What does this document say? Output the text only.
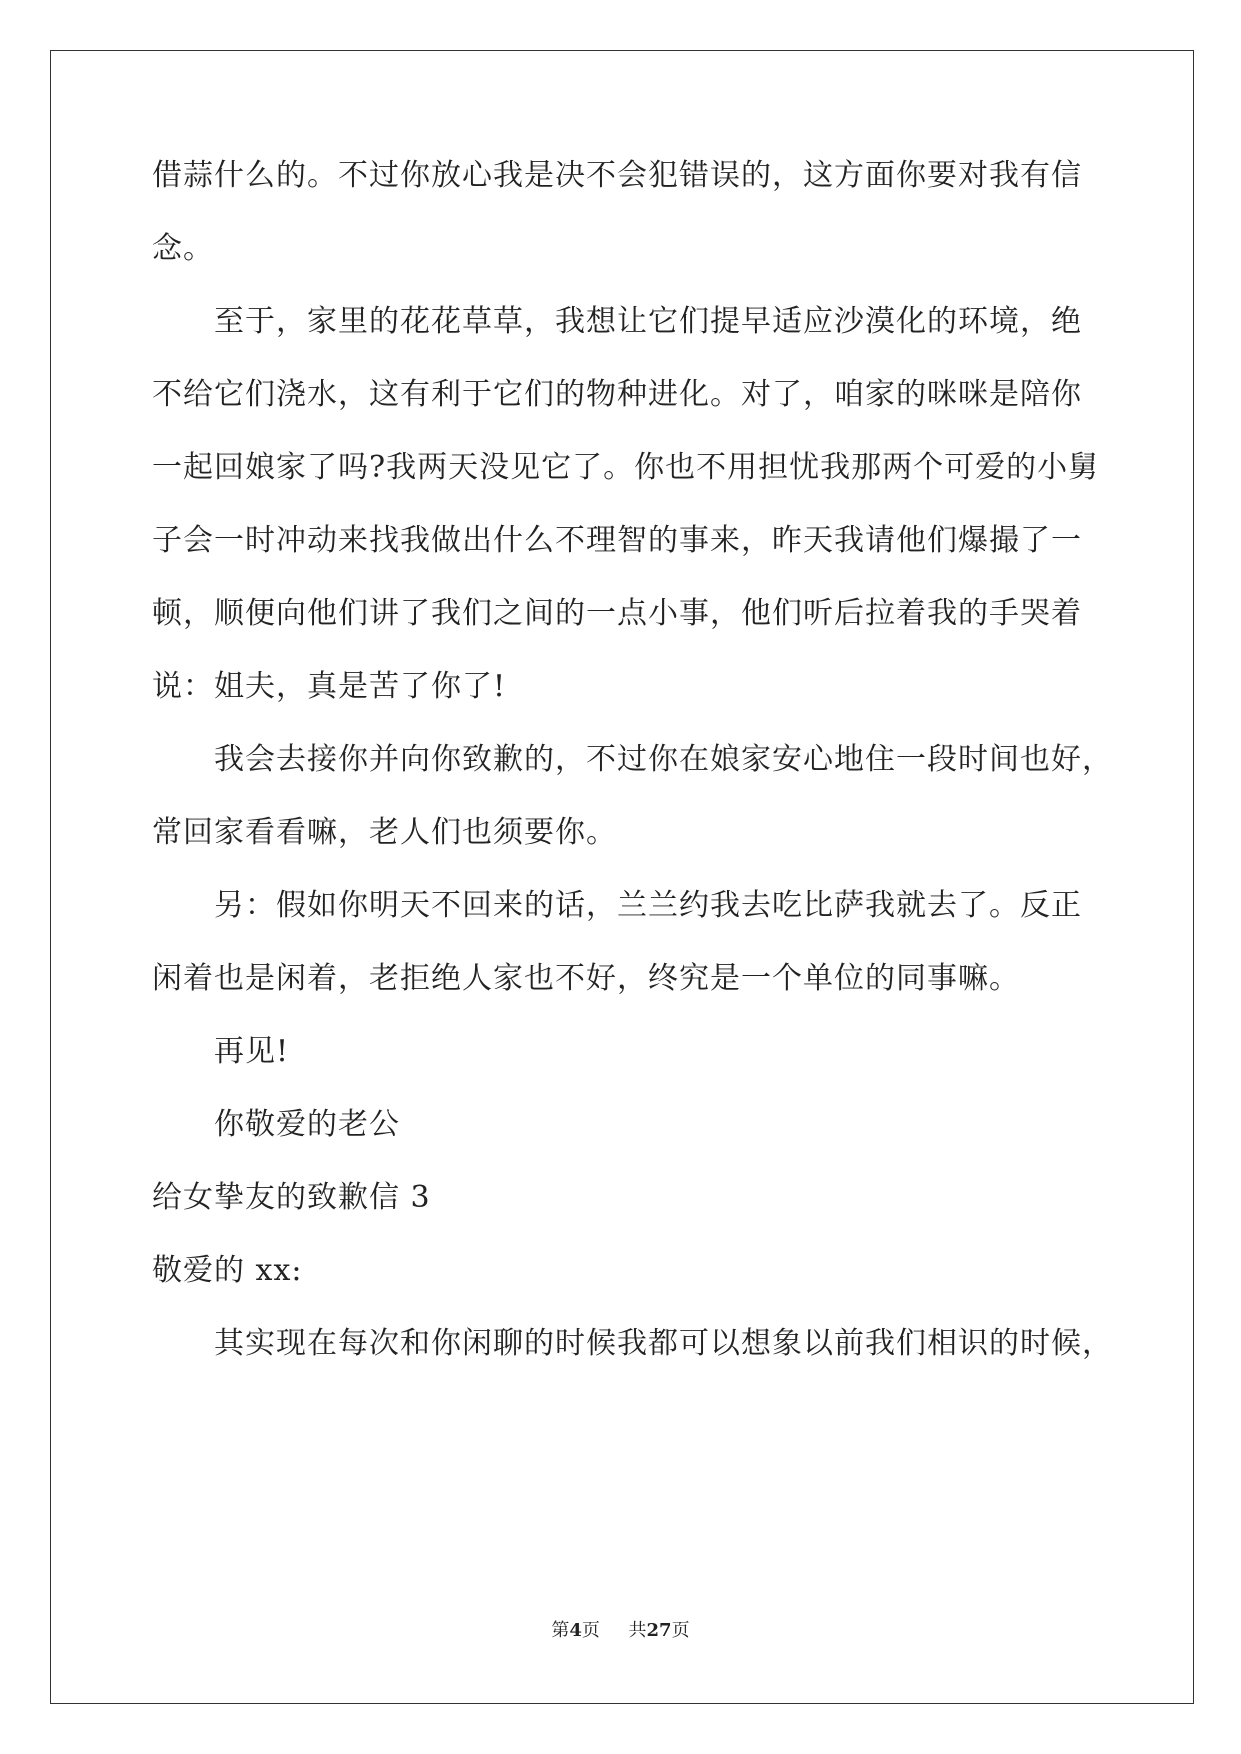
借蒜什么的。不过你放心我是决不会犯错误的，这方面你要对我有信
念。
至于，家里的花花草草，我想让它们提早适应沙漠化的环境，绝
不给它们浇水，这有利于它们的物种进化。对了，咱家的咪咪是陪你
一起回娘家了吗?我两天没见它了。你也不用担忧我那两个可爱的小舅
子会一时冲动来找我做出什么不理智的事来，昨天我请他们爆撮了一
顿，顺便向他们讲了我们之间的一点小事，他们听后拉着我的手哭着
说：姐夫，真是苦了你了!
我会去接你并向你致歉的，不过你在娘家安心地住一段时间也好，
常回家看看嘛，老人们也须要你。
另：假如你明天不回来的话，兰兰约我去吃比萨我就去了。反正
闲着也是闲着，老拒绝人家也不好，终究是一个单位的同事嘛。
再见!
你敬爱的老公
给女挚友的致歉信 3
敬爱的 xx:
其实现在每次和你闲聊的时候我都可以想象以前我们相识的时候，
第4页 共27页
